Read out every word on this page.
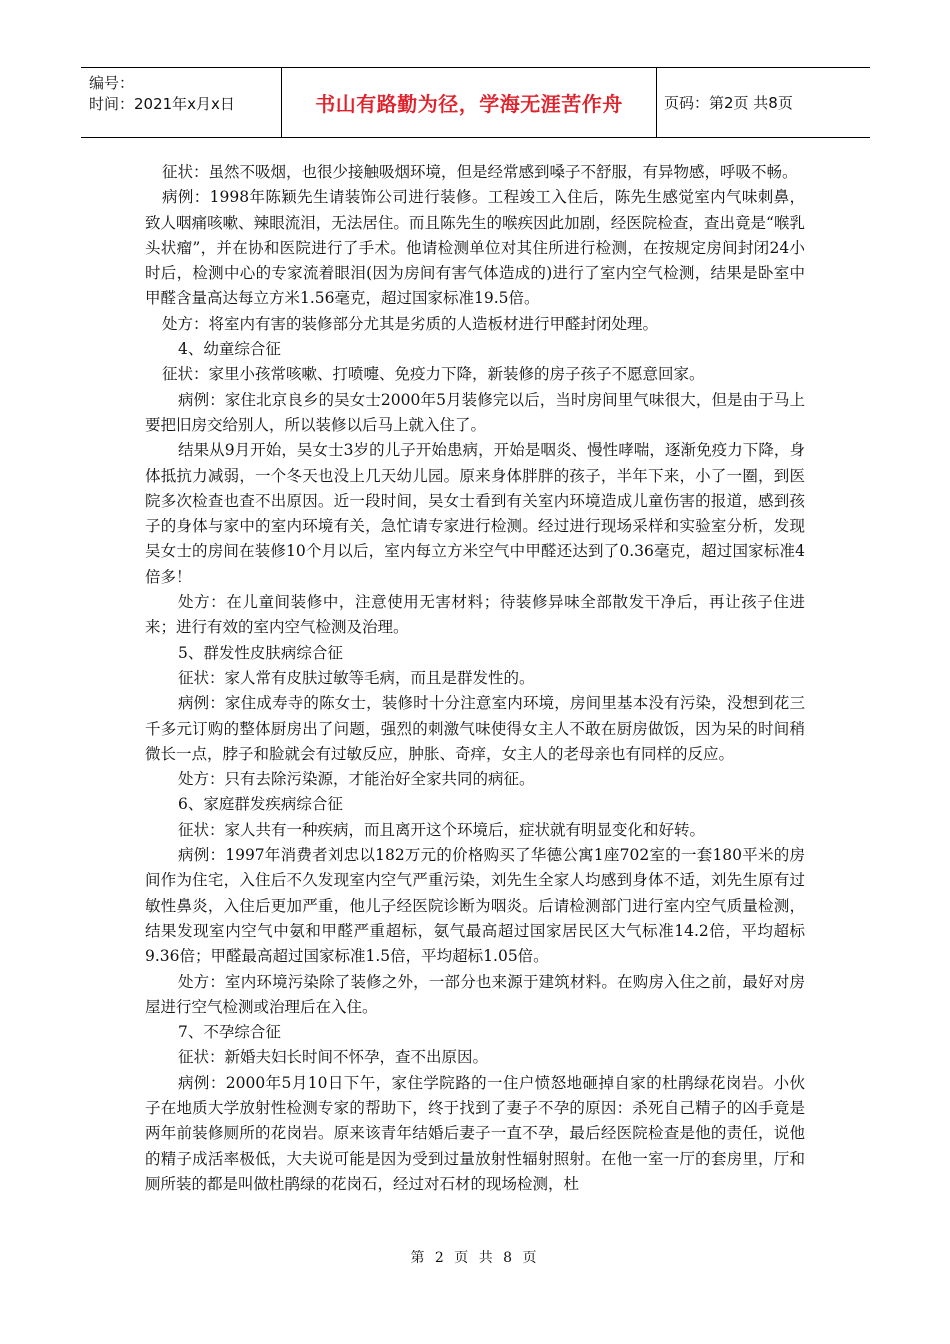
编号：
时间：2021年x月x日	书山有路勤为径，学海无涯苦作舟	页码：第2页 共8页

征状：虽然不吸烟，也很少接触吸烟环境，但是经常感到嗓子不舒服，有异物感，呼吸不畅。

病例：1998年陈颖先生请装饰公司进行装修。工程竣工入住后，陈先生感觉室内气味刺鼻，致人咽痛咳嗽、辣眼流泪，无法居住。而且陈先生的喉疾因此加剧，经医院检查，查出竟是“喉乳头状瘤”，并在协和医院进行了手术。他请检测单位对其住所进行检测，在按规定房间封闭24小时后，检测中心的专家流着眼泪(因为房间有害气体造成的)进行了室内空气检测，结果是卧室中甲醛含量高达每立方米1.56毫克，超过国家标准19.5倍。

处方：将室内有害的装修部分尤其是劣质的人造板材进行甲醛封闭处理。

4、幼童综合征

征状：家里小孩常咳嗽、打喷嚏、免疫力下降，新装修的房子孩子不愿意回家。

病例：家住北京良乡的吴女士2000年5月装修完以后，当时房间里气味很大，但是由于马上要把旧房交给别人，所以装修以后马上就入住了。

结果从9月开始，吴女士3岁的儿子开始患病，开始是咽炎、慢性哮喘，逐渐免疫力下降，身体抵抗力减弱，一个冬天也没上几天幼儿园。原来身体胖胖的孩子，半年下来，小了一圈，到医院多次检查也查不出原因。近一段时间，吴女士看到有关室内环境造成儿童伤害的报道，感到孩子的身体与家中的室内环境有关，急忙请专家进行检测。经过进行现场采样和实验室分析，发现吴女士的房间在装修10个月以后，室内每立方米空气中甲醛还达到了0.36毫克，超过国家标准4倍多！

处方：在儿童间装修中，注意使用无害材料；待装修异味全部散发干净后，再让孩子住进来；进行有效的室内空气检测及治理。

5、群发性皮肤病综合征

征状：家人常有皮肤过敏等毛病，而且是群发性的。

病例：家住成寿寺的陈女士，装修时十分注意室内环境，房间里基本没有污染，没想到花三千多元订购的整体厨房出了问题，强烈的刺激气味使得女主人不敢在厨房做饭，因为呆的时间稍微长一点，脖子和脸就会有过敏反应，肿胀、奇痒，女主人的老母亲也有同样的反应。

处方：只有去除污染源，才能治好全家共同的病征。

6、家庭群发疾病综合征

征状：家人共有一种疾病，而且离开这个环境后，症状就有明显变化和好转。

病例：1997年消费者刘忠以182万元的价格购买了华德公寓1座702室的一套180平米的房间作为住宅，入住后不久发现室内空气严重污染，刘先生全家人均感到身体不适，刘先生原有过敏性鼻炎，入住后更加严重，他儿子经医院诊断为咽炎。后请检测部门进行室内空气质量检测，结果发现室内空气中氨和甲醛严重超标，氨气最高超过国家居民区大气标准14.2倍，平均超标9.36倍；甲醛最高超过国家标准1.5倍，平均超标1.05倍。

处方：室内环境污染除了装修之外，一部分也来源于建筑材料。在购房入住之前，最好对房屋进行空气检测或治理后在入住。

7、不孕综合征

征状：新婚夫妇长时间不怀孕，查不出原因。

病例：2000年5月10日下午，家住学院路的一住户愤怒地砸掉自家的杜鹃绿花岗岩。小伙子在地质大学放射性检测专家的帮助下，终于找到了妻子不孕的原因：杀死自己精子的凶手竟是两年前装修厕所的花岗岩。原来该青年结婚后妻子一直不孕，最后经医院检查是他的责任，说他的精子成活率极低，大夫说可能是因为受到过量放射性辐射照射。在他一室一厅的套房里，厅和厕所装的都是叫做杜鹃绿的花岗石，经过对石材的现场检测，杜

第 2 页 共 8 页
